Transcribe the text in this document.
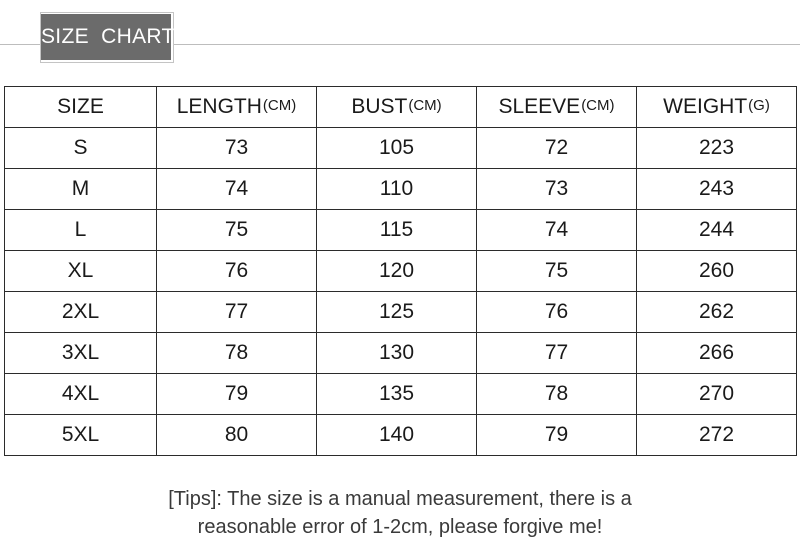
SIZE  CHART
SIZE	LENGTH(CM)	BUST(CM)	SLEEVE(CM)	WEIGHT(G)
S	73	105	72	223
M	74	110	73	243
L	75	115	74	244
XL	76	120	75	260
2XL	77	125	76	262
3XL	78	130	77	266
4XL	79	135	78	270
5XL	80	140	79	272
[Tips]: The size is a manual measurement, there is a
reasonable error of 1-2cm, please forgive me!
